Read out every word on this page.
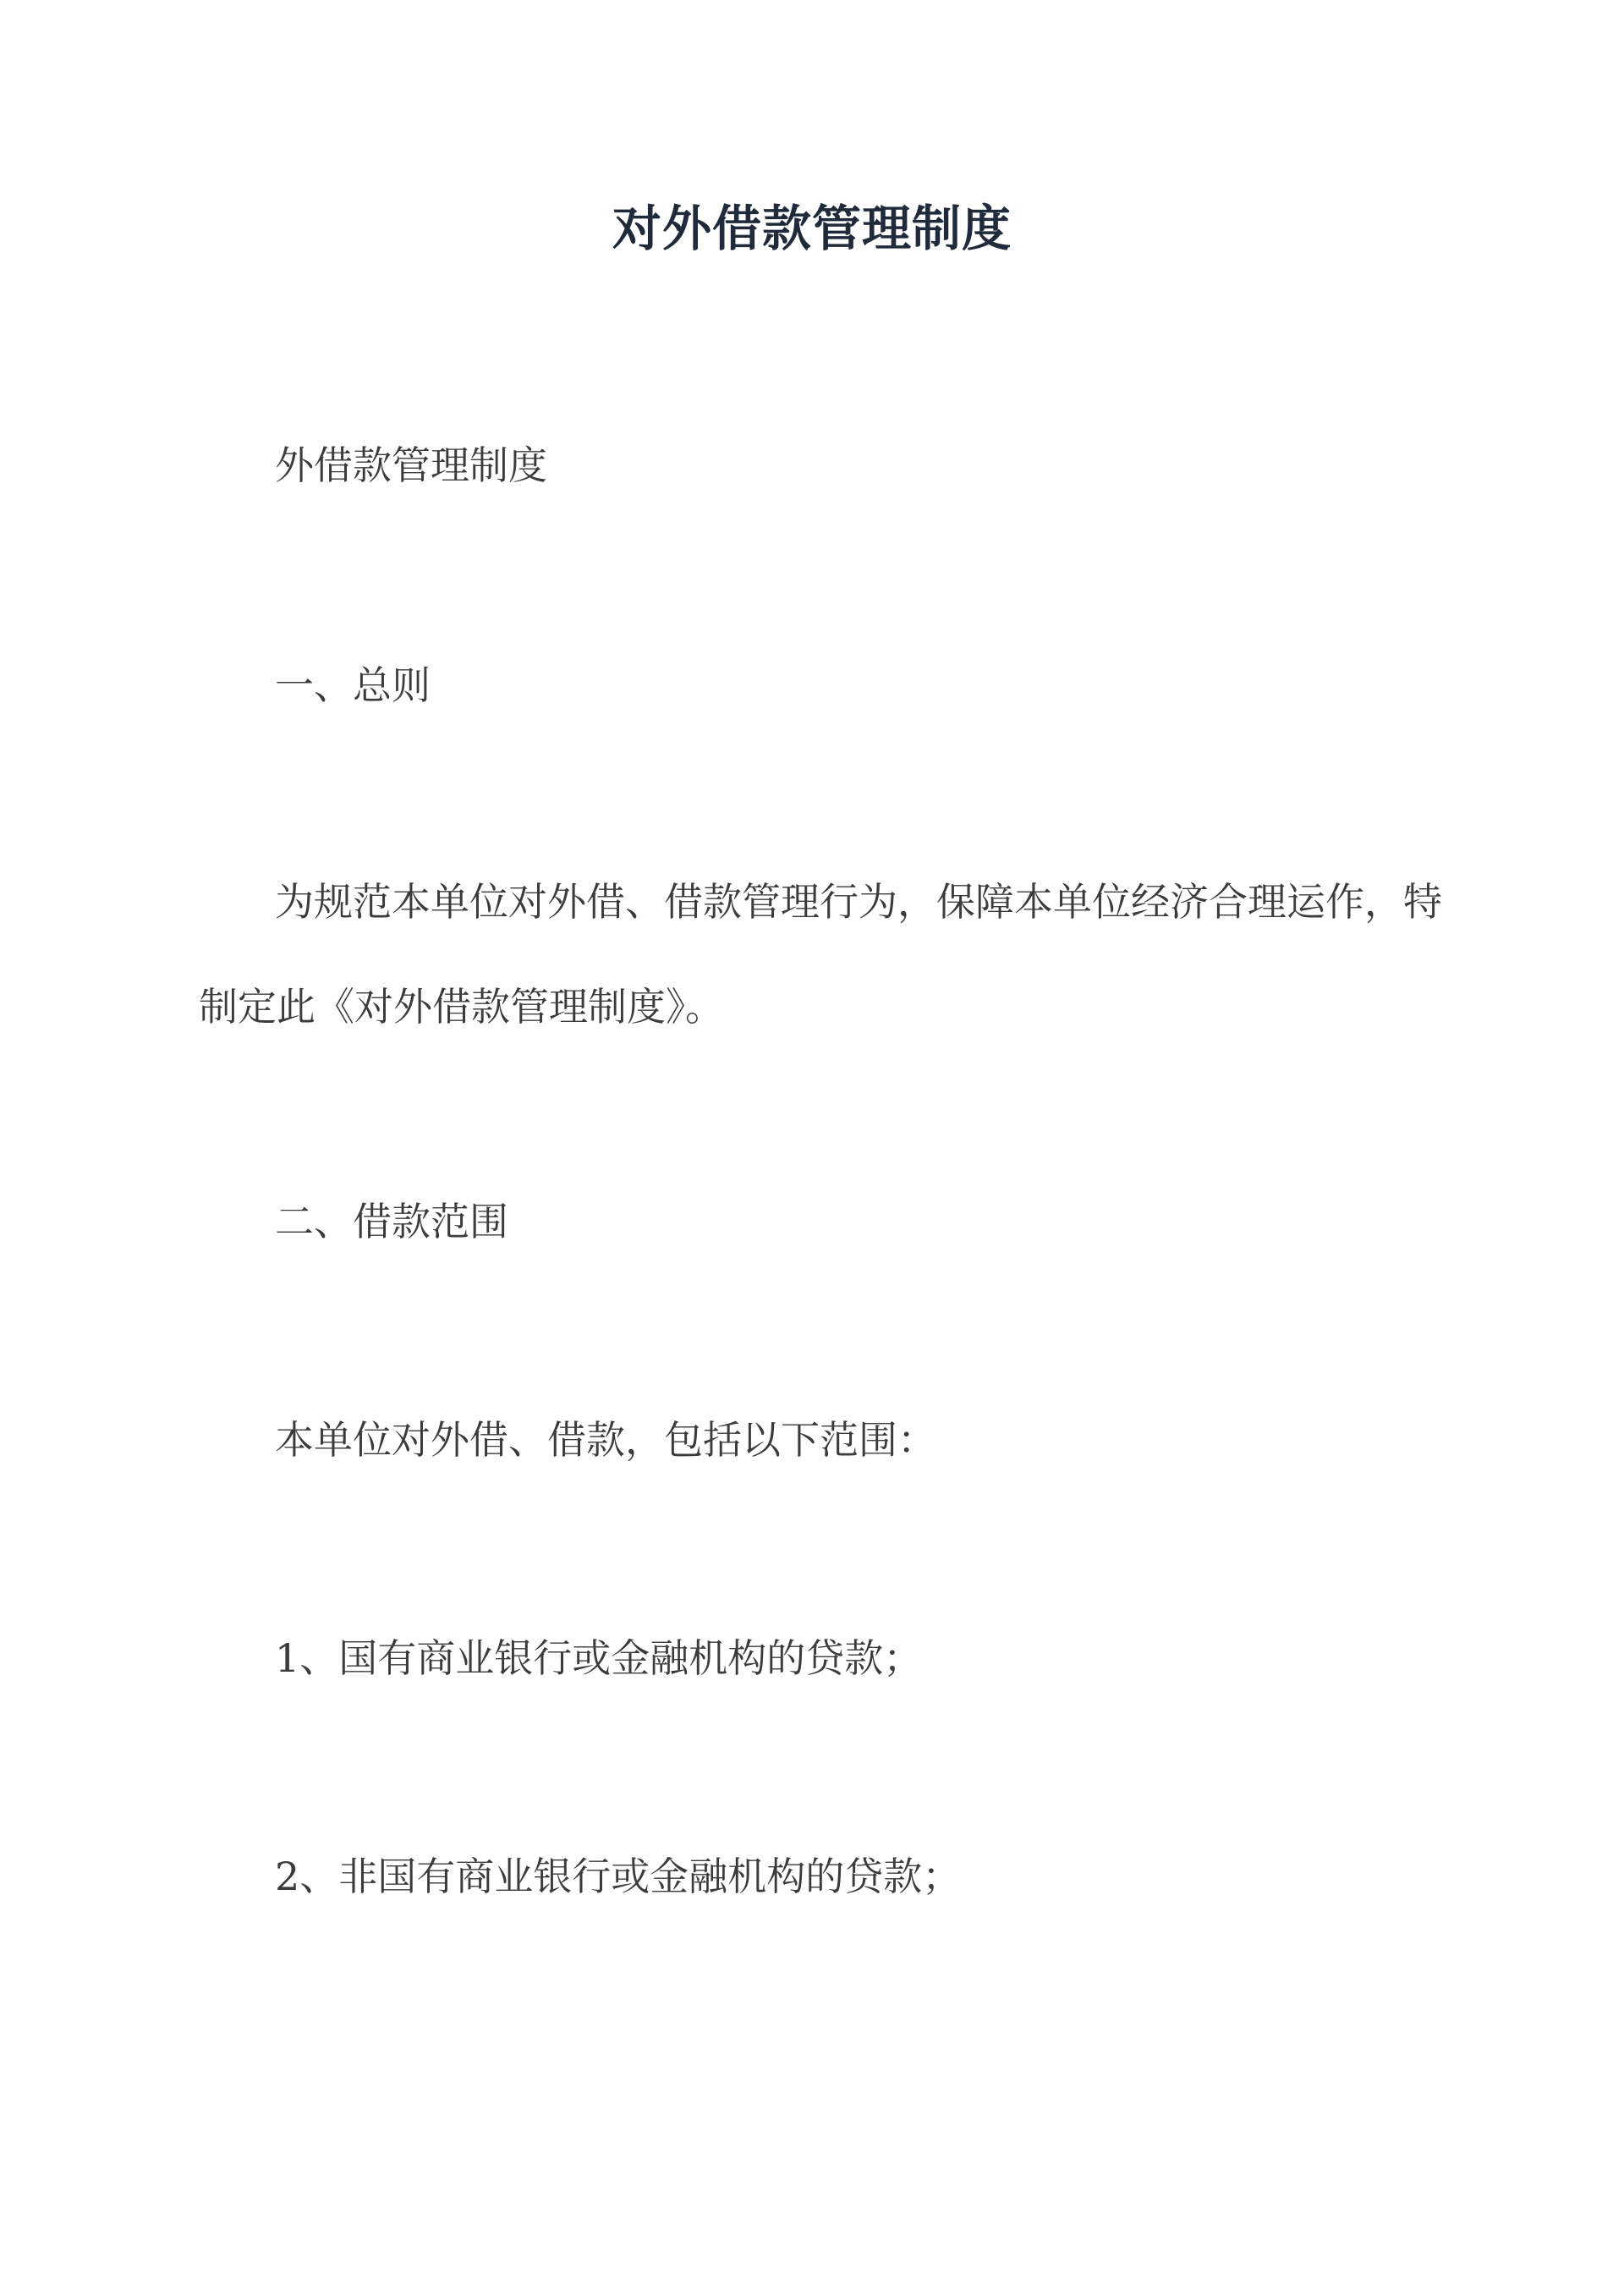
对外借款管理制度
外借款管理制度
一、总则
为规范本单位对外借、借款管理行为，保障本单位经济合理运作，特
制定此《对外借款管理制度》。
二、借款范围
本单位对外借、借款，包括以下范围：
1、国有商业银行或金融机构的贷款；
2、非国有商业银行或金融机构的贷款；
